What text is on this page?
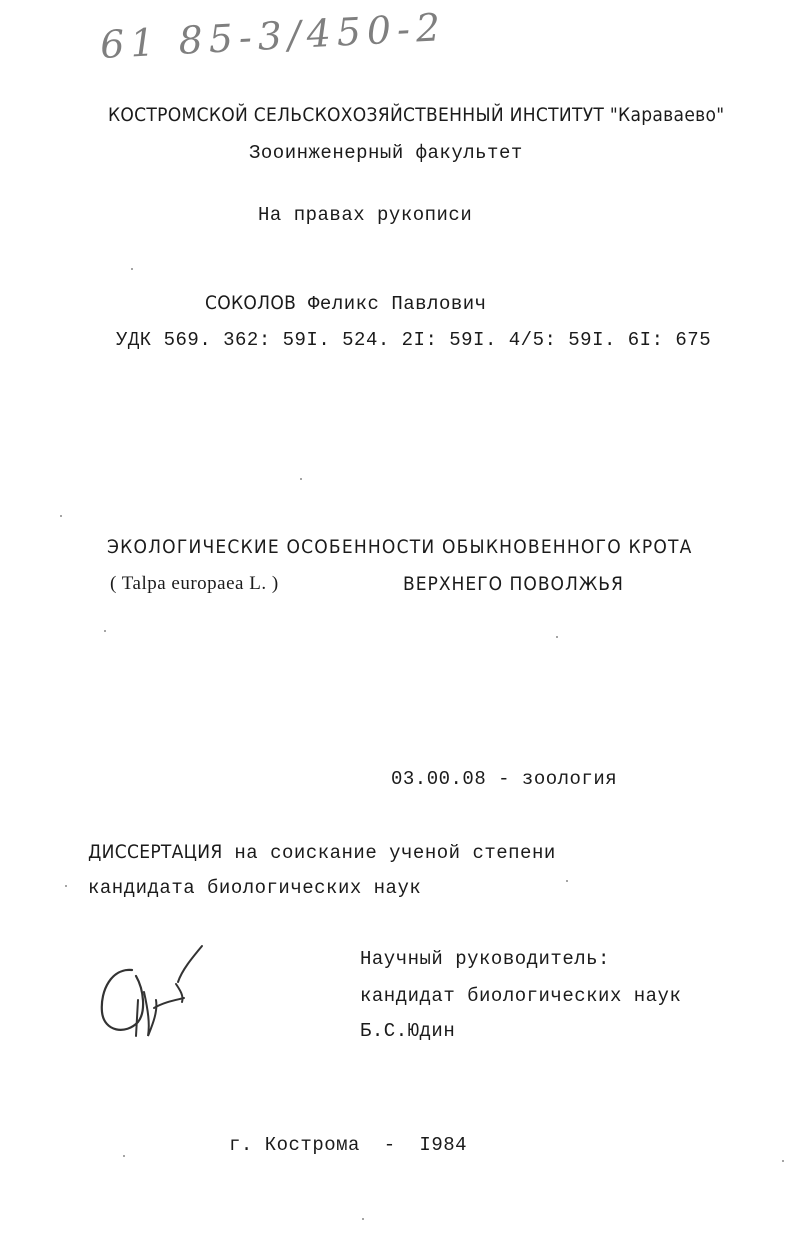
61 85-3/450-2
КОСТРОМСКОЙ СЕЛЬСКОХОЗЯЙСТВЕННЫЙ ИНСТИТУТ "Караваево"
Зооинженерный факультет
На правах рукописи
СОКОЛОВ Феликс Павлович
УДК 569. 362: 59I. 524. 2I: 59I. 4/5: 59I. 6I: 675
ЭКОЛОГИЧЕСКИЕ ОСОБЕННОСТИ ОБЫКНОВЕННОГО КРОТА
( Talpa europaea L. )	ВЕРХНЕГО ПОВОЛЖЬЯ
03.00.08 - зоология
ДИССЕРТАЦИЯ на соискание ученой степени
кандидата биологических наук
Научный руководитель:
кандидат биологических наук
Б.С.Юдин
г. Кострома  -  I984
